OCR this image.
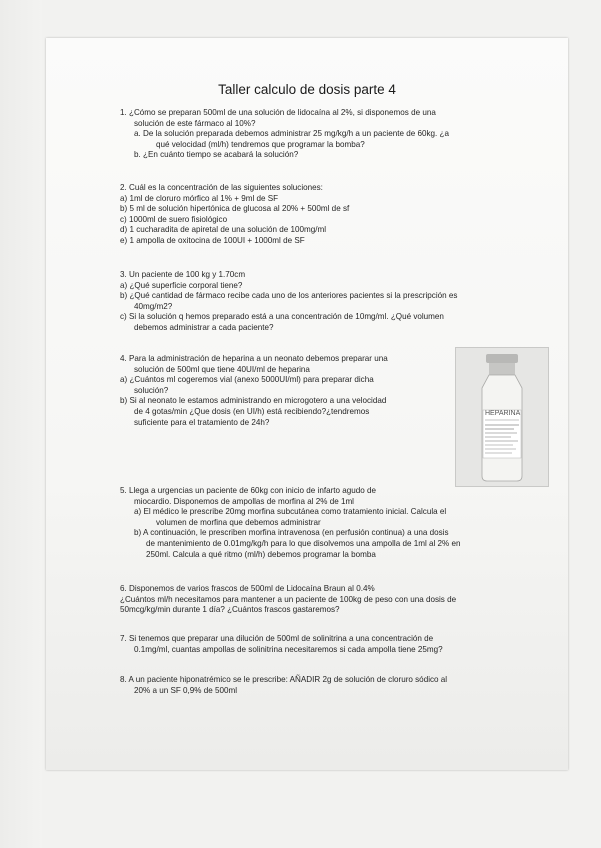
Taller calculo de dosis parte 4
1. ¿Cómo se preparan 500ml de una solución de lidocaína al 2%, si disponemos de una
solución de este fármaco al 10%?
a. De la solución preparada debemos administrar 25 mg/kg/h a un paciente de 60kg. ¿a
qué velocidad (ml/h) tendremos que programar la bomba?
b. ¿En cuánto tiempo se acabará la solución?
2. Cuál es la concentración de las siguientes soluciones:
a) 1ml de cloruro mórfico al 1% + 9ml de SF
b) 5 ml de solución hipertónica de glucosa al 20% + 500ml de sf
c) 1000ml de suero fisiológico
d) 1 cucharadita de apiretal de una solución de 100mg/ml
e) 1 ampolla de oxitocina de 100UI + 1000ml de SF
3. Un paciente de 100 kg y 1.70cm
a) ¿Qué superficie corporal tiene?
b) ¿Qué cantidad de fármaco recibe cada uno de los anteriores pacientes si la prescripción es
40mg/m2?
c) Si la solución q hemos preparado está a una concentración de 10mg/ml. ¿Qué volumen
debemos administrar a cada paciente?
4. Para la administración de heparina a un neonato debemos preparar una
solución de 500ml que tiene 40UI/ml de heparina
a) ¿Cuántos ml cogeremos vial (anexo 5000UI/ml) para preparar dicha
solución?
b) Si al neonato le estamos administrando en microgotero a una velocidad
de 4 gotas/min ¿Que dosis (en UI/h) está recibiendo?¿tendremos
suficiente para el tratamiento de 24h?
HEPARINA
5. Llega a urgencias un paciente de 60kg con inicio de infarto agudo de
miocardio. Disponemos de ampollas de morfina al 2% de 1ml
a) El médico le prescribe 20mg morfina subcutánea como tratamiento inicial. Calcula el
volumen de morfina que debemos administrar
b) A continuación, le prescriben morfina intravenosa (en perfusión continua) a una dosis
de mantenimiento de 0.01mg/kg/h para lo que disolvemos una ampolla de 1ml al 2% en
250ml. Calcula a qué ritmo (ml/h) debemos programar la bomba
6. Disponemos de varios frascos de 500ml de Lidocaína Braun al 0.4%
¿Cuántos ml/h necesitamos para mantener a un paciente de 100kg de peso con una dosis de
50mcg/kg/min durante 1 día? ¿Cuántos frascos gastaremos?
7. Si tenemos que preparar una dilución de 500ml de solinitrina a una concentración de
0.1mg/ml, cuantas ampollas de solinitrina necesitaremos si cada ampolla tiene 25mg?
8. A un paciente hiponatrémico se le prescribe: AÑADIR 2g de solución de cloruro sódico al
20% a un SF 0,9% de 500ml
